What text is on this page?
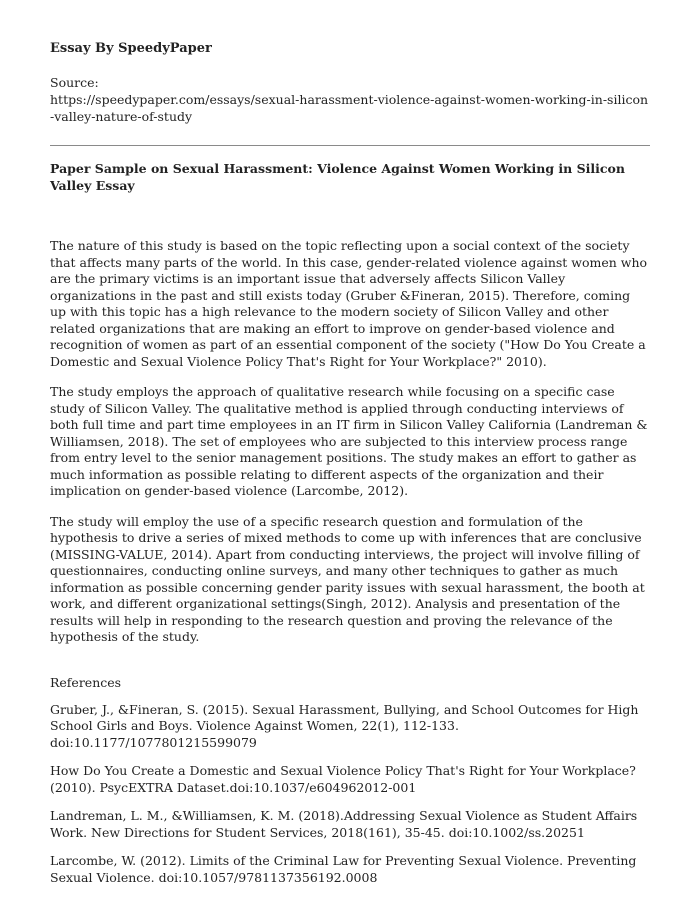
Essay By SpeedyPaper

Source:

https://speedypaper.com/essays/sexual-harassment-violence-against-women-working-in-silicon-valley-nature-of-study

Paper Sample on Sexual Harassment: Violence Against Women Working in Silicon Valley Essay

The nature of this study is based on the topic reflecting upon a social context of the society that affects many parts of the world. In this case, gender-related violence against women who are the primary victims is an important issue that adversely affects Silicon Valley organizations in the past and still exists today (Gruber &Fineran, 2015). Therefore, coming up with this topic has a high relevance to the modern society of Silicon Valley and other related organizations that are making an effort to improve on gender-based violence and recognition of women as part of an essential component of the society ("How Do You Create a Domestic and Sexual Violence Policy That's Right for Your Workplace?" 2010).

The study employs the approach of qualitative research while focusing on a specific case study of Silicon Valley. The qualitative method is applied through conducting interviews of both full time and part time employees in an IT firm in Silicon Valley California (Landreman & Williamsen, 2018). The set of employees who are subjected to this interview process range from entry level to the senior management positions. The study makes an effort to gather as much information as possible relating to different aspects of the organization and their implication on gender-based violence (Larcombe, 2012).

The study will employ the use of a specific research question and formulation of the hypothesis to drive a series of mixed methods to come up with inferences that are conclusive (MISSING-VALUE, 2014). Apart from conducting interviews, the project will involve filling of questionnaires, conducting online surveys, and many other techniques to gather as much information as possible concerning gender parity issues with sexual harassment, the booth at work, and different organizational settings(Singh, 2012). Analysis and presentation of the results will help in responding to the research question and proving the relevance of the hypothesis of the study.

References

Gruber, J., &Fineran, S. (2015). Sexual Harassment, Bullying, and School Outcomes for High School Girls and Boys. Violence Against Women, 22(1), 112-133. doi:10.1177/1077801215599079

How Do You Create a Domestic and Sexual Violence Policy That's Right for Your Workplace? (2010). PsycEXTRA Dataset.doi:10.1037/e604962012-001

Landreman, L. M., &Williamsen, K. M. (2018).Addressing Sexual Violence as Student Affairs Work. New Directions for Student Services, 2018(161), 35-45. doi:10.1002/ss.20251

Larcombe, W. (2012). Limits of the Criminal Law for Preventing Sexual Violence. Preventing Sexual Violence. doi:10.1057/9781137356192.0008
